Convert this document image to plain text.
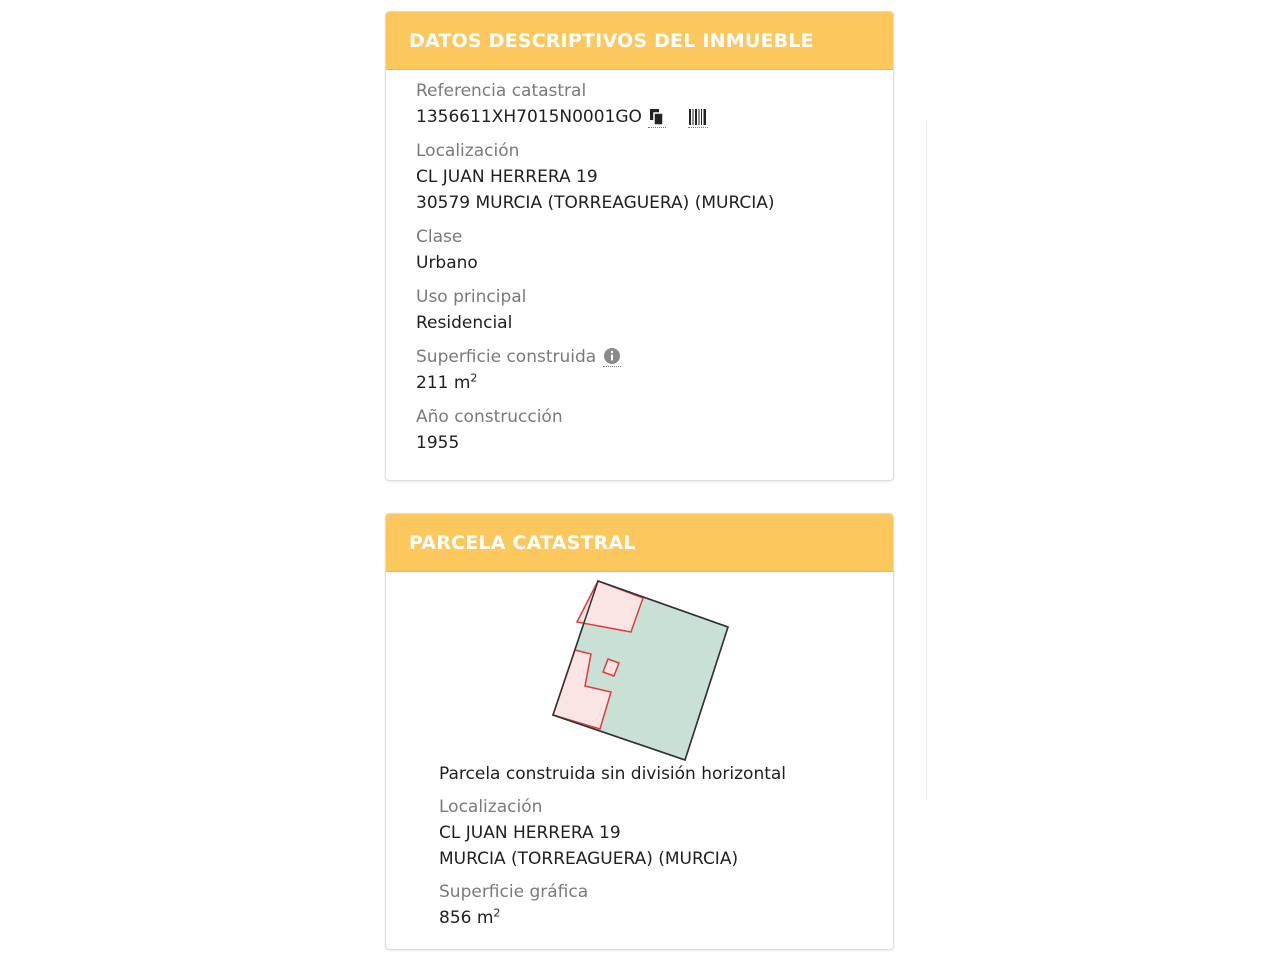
DATOS DESCRIPTIVOS DEL INMUEBLE
Referencia catastral
1356611XH7015N0001GO
Localización
CL JUAN HERRERA 19
30579 MURCIA (TORREAGUERA) (MURCIA)
Clase
Urbano
Uso principal
Residencial
Superficie construida
211 $m^2$
Año construcción
1955
PARCELA CATASTRAL
Parcela construida sin división horizontal
Localización
CL JUAN HERRERA 19
MURCIA (TORREAGUERA) (MURCIA)
Superficie gráfica
856 $m^2$
